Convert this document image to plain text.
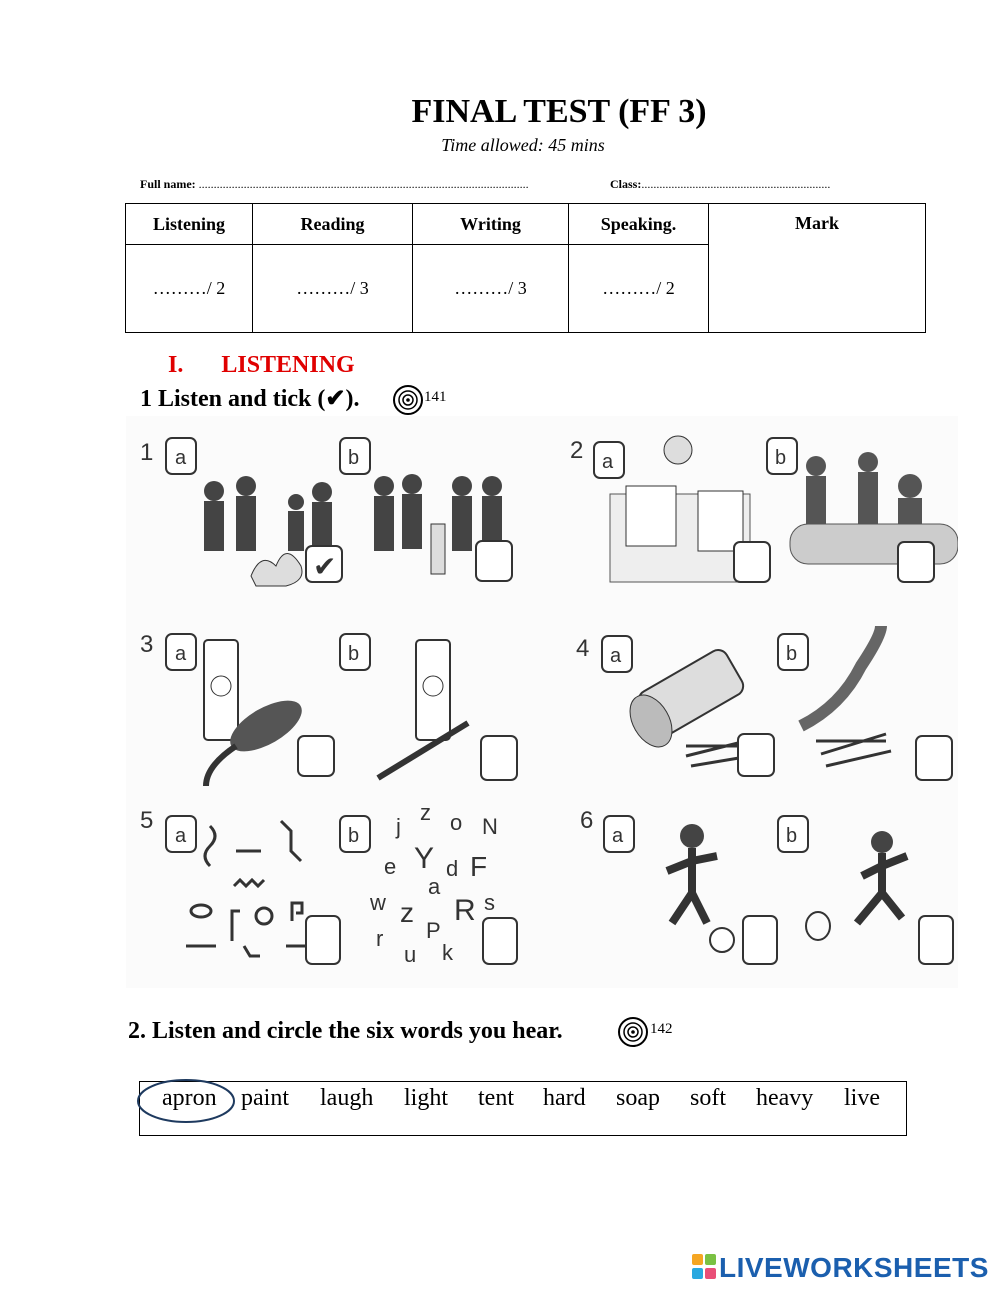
FINAL TEST (FF 3)
Time allowed: 45 mins
Full name: ..............................................................................................................	Class:...............................................................
Listening	Reading	Writing	Speaking.	Mark
………/ 2	………/ 3	………/ 3	………/ 2	
I. LISTENING
1 Listen and tick (✔).	141
1 a	b
✔
2 a	b
3 a	b	4 a	b
5
a	b j
z o N
e Y d F
a
w z R s
P
r
u k
6
a	b
2. Listen and circle the six words you hear.	142
apron paint laugh light tent hard soap soft heavy live
LIVEWORKSHEETS
